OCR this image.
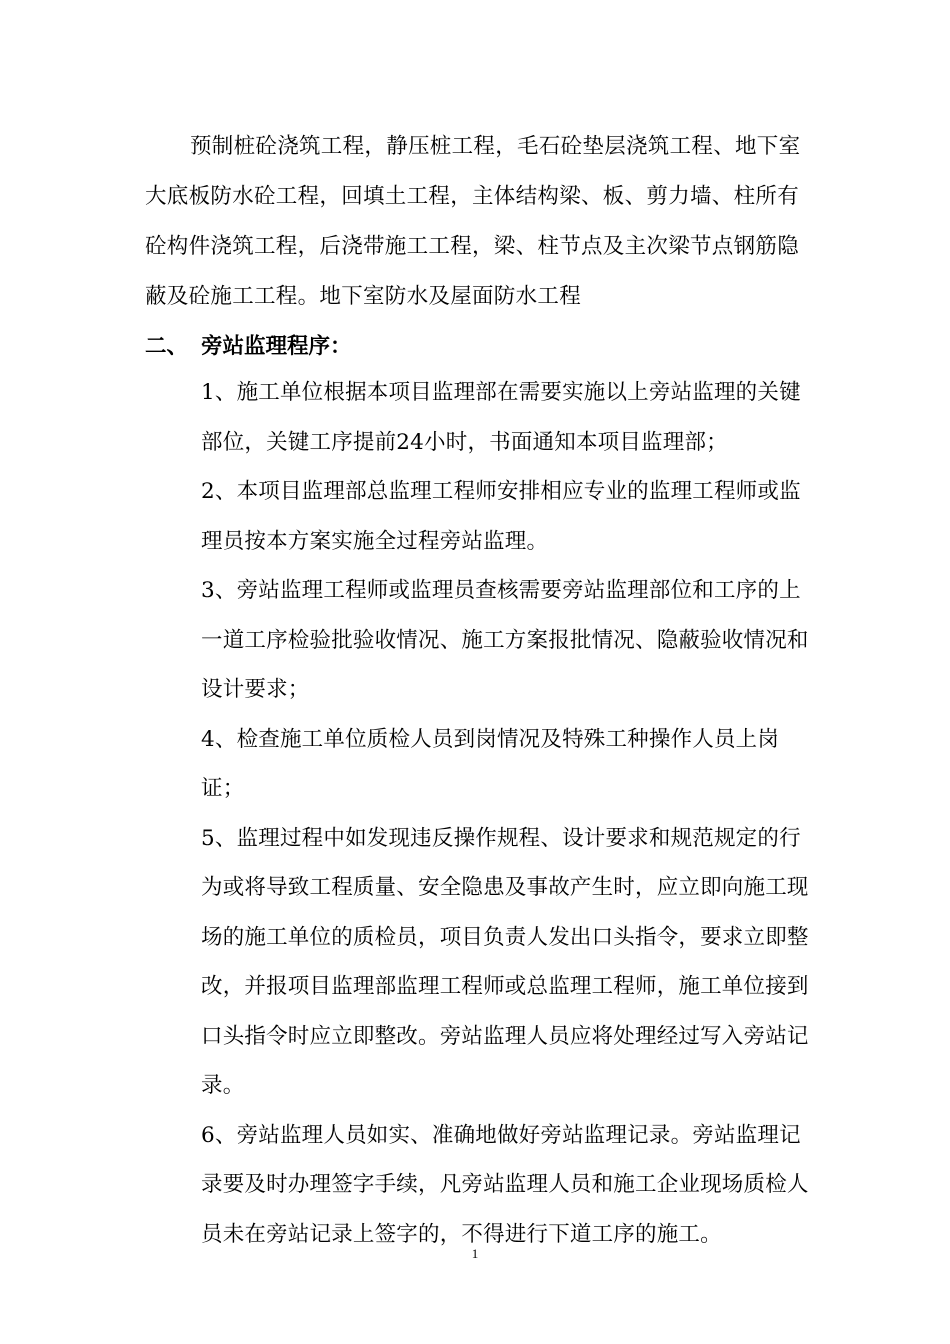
预制桩砼浇筑工程，静压桩工程，毛石砼垫层浇筑工程、地下室大底板防水砼工程，回填土工程，主体结构梁、板、剪力墙、柱所有砼构件浇筑工程，后浇带施工工程，梁、柱节点及主次梁节点钢筋隐蔽及砼施工工程。地下室防水及屋面防水工程

二、 旁站监理程序：

1、施工单位根据本项目监理部在需要实施以上旁站监理的关键部位，关键工序提前24小时，书面通知本项目监理部；

2、本项目监理部总监理工程师安排相应专业的监理工程师或监理员按本方案实施全过程旁站监理。

3、旁站监理工程师或监理员查核需要旁站监理部位和工序的上一道工序检验批验收情况、施工方案报批情况、隐蔽验收情况和设计要求；

4、检查施工单位质检人员到岗情况及特殊工种操作人员上岗证；

5、监理过程中如发现违反操作规程、设计要求和规范规定的行为或将导致工程质量、安全隐患及事故产生时，应立即向施工现场的施工单位的质检员，项目负责人发出口头指令，要求立即整改，并报项目监理部监理工程师或总监理工程师，施工单位接到口头指令时应立即整改。旁站监理人员应将处理经过写入旁站记录。

6、旁站监理人员如实、准确地做好旁站监理记录。旁站监理记录要及时办理签字手续，凡旁站监理人员和施工企业现场质检人员未在旁站记录上签字的，不得进行下道工序的施工。

1
